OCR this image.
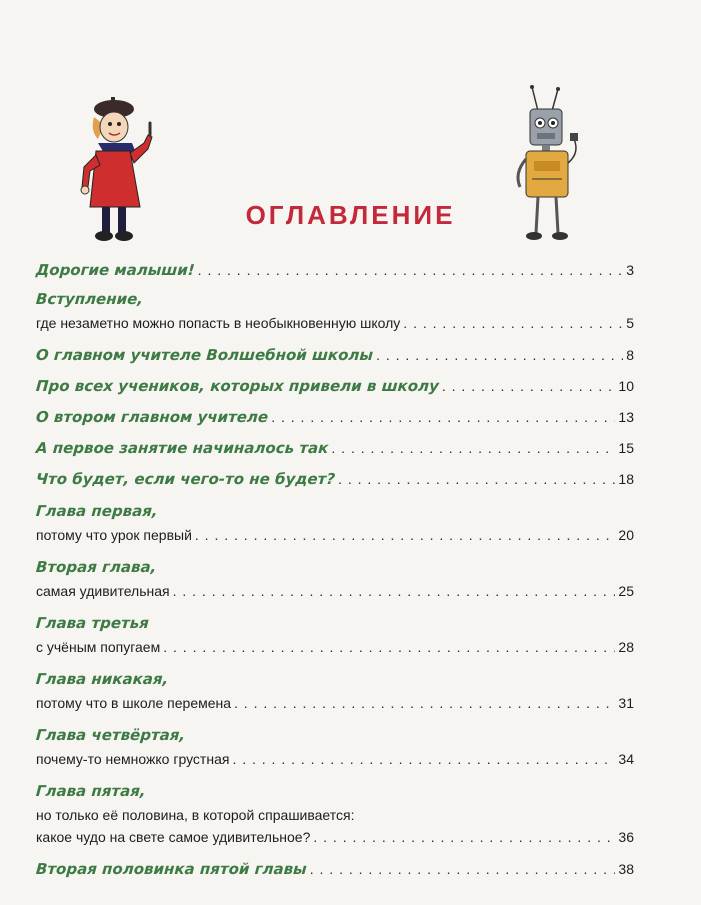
ОГЛАВЛЕНИЕ
Дорогие малыши! . . .	3
Вступление,
где незаметно можно попасть в необыкновенную школу . . .	5
О главном учителе Волшебной школы . . .	8
Про всех учеников, которых привели в школу . . .	10
О втором главном учителе . . .	13
А первое занятие начиналось так . . .	15
Что будет, если чего-то не будет? . . .	18
Глава первая,
потому что урок первый . . .	20
Вторая глава,
самая удивительная . . .	25
Глава третья
с учёным попугаем . . .	28
Глава никакая,
потому что в школе перемена . . .	31
Глава четвёртая,
почему-то немножко грустная . . .	34
Глава пятая,
но только её половина, в которой спрашивается:
какое чудо на свете самое удивительное? . . .	36
Вторая половинка пятой главы . . .	38
